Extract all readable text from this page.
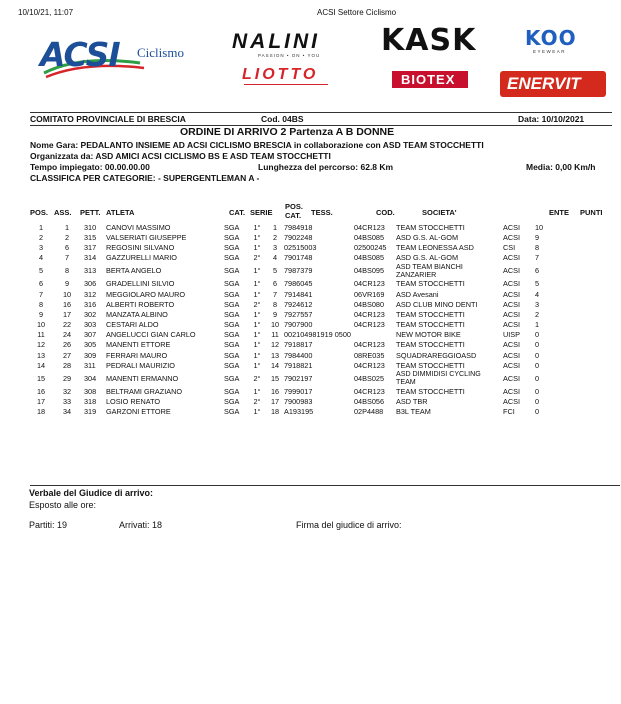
10/10/21, 11:07	ACSI Settore Ciclismo
ACSI Ciclismo NALINI
PASSION • ON • YOU KASK KOO
EYEWEAR
LIOTTO	BIOTEX	ENERVIT
COMITATO PROVINCIALE DI BRESCIA	Cod. 04BS	Data: 10/10/2021
ORDINE DI ARRIVO 2 Partenza A B DONNE
Nome Gara: PEDALANTO INSIEME AD ACSI CICLISMO BRESCIA in collaborazione con ASD TEAM STOCCHETTI
Organizzata da: ASD AMICI ACSI CICLISMO BS E ASD TEAM STOCCHETTI
Tempo impiegato: 00.00.00.00	Lunghezza del percorso: 62.8 Km	Media: 0,00 Km/h
CLASSIFICA PER CATEGORIE: - SUPERGENTLEMAN A -
POS. ASS. PETT. ATLETA	CAT. SERIE
POS.
CAT. TESS.	COD.	SOCIETA'	ENTE PUNTI
1	1	310	CANOVI MASSIMO	SGA	1°	1	7984918	04CR123	TEAM STOCCHETTI	ACSI	10
2	2	315	VALSERIATI GIUSEPPE	SGA	1°	2	7902248	04BS085	ASD G.S. AL-GOM	ACSI	9
3	6	317	REGOSINI SILVANO	SGA	1°	3	02515003	02500245	TEAM LEONESSA ASD	CSI	8
4	7	314	GAZZURELLI MARIO	SGA	2°	4	7901748	04BS085	ASD G.S. AL-GOM	ACSI	7
5	8	313	BERTA ANGELO	SGA	1°	5	7987379	04BS095	ASD TEAM BIANCHI ZANZARIER	ACSI	6
6	9	306	GRADELLINI SILVIO	SGA	1°	6	7986045	04CR123	TEAM STOCCHETTI	ACSI	5
7	10	312	MEGGIOLARO MAURO	SGA	1°	7	7914841	06VR169	ASD Avesani	ACSI	4
8	16	316	ALBERTI ROBERTO	SGA	2°	8	7924612	04BS080	ASD CLUB MINO DENTI	ACSI	3
9	17	302	MANZATA ALBINO	SGA	1°	9	7927557	04CR123	TEAM STOCCHETTI	ACSI	2
10	22	303	CESTARI ALDO	SGA	1°	10	7907900	04CR123	TEAM STOCCHETTI	ACSI	1
11	24	307	ANGELUCCI GIAN CARLO	SGA	1°	11	002104981919 0500		NEW MOTOR BIKE	UISP	0
12	26	305	MANENTI ETTORE	SGA	1°	12	7918817	04CR123	TEAM STOCCHETTI	ACSI	0
13	27	309	FERRARI MAURO	SGA	1°	13	7984400	08RE035	SQUADRAREGGIOASD	ACSI	0
14	28	311	PEDRALI MAURIZIO	SGA	1°	14	7918821	04CR123	TEAM STOCCHETTI	ACSI	0
15	29	304	MANENTI ERMANNO	SGA	2°	15	7902197	04BS025	ASD DIMMIDISI CYCLING TEAM	ACSI	0
16	32	308	BELTRAMI GRAZIANO	SGA	1°	16	7999017	04CR123	TEAM STOCCHETTI	ACSI	0
17	33	318	LOSIO RENATO	SGA	2°	17	7900983	04BS056	ASD TBR	ACSI	0
18	34	319	GARZONI ETTORE	SGA	1°	18	A193195	02P4488	B3L TEAM	FCI	0
Verbale del Giudice di arrivo:
Esposto alle ore:
Partiti: 19	Arrivati: 18	Firma del giudice di arrivo:
